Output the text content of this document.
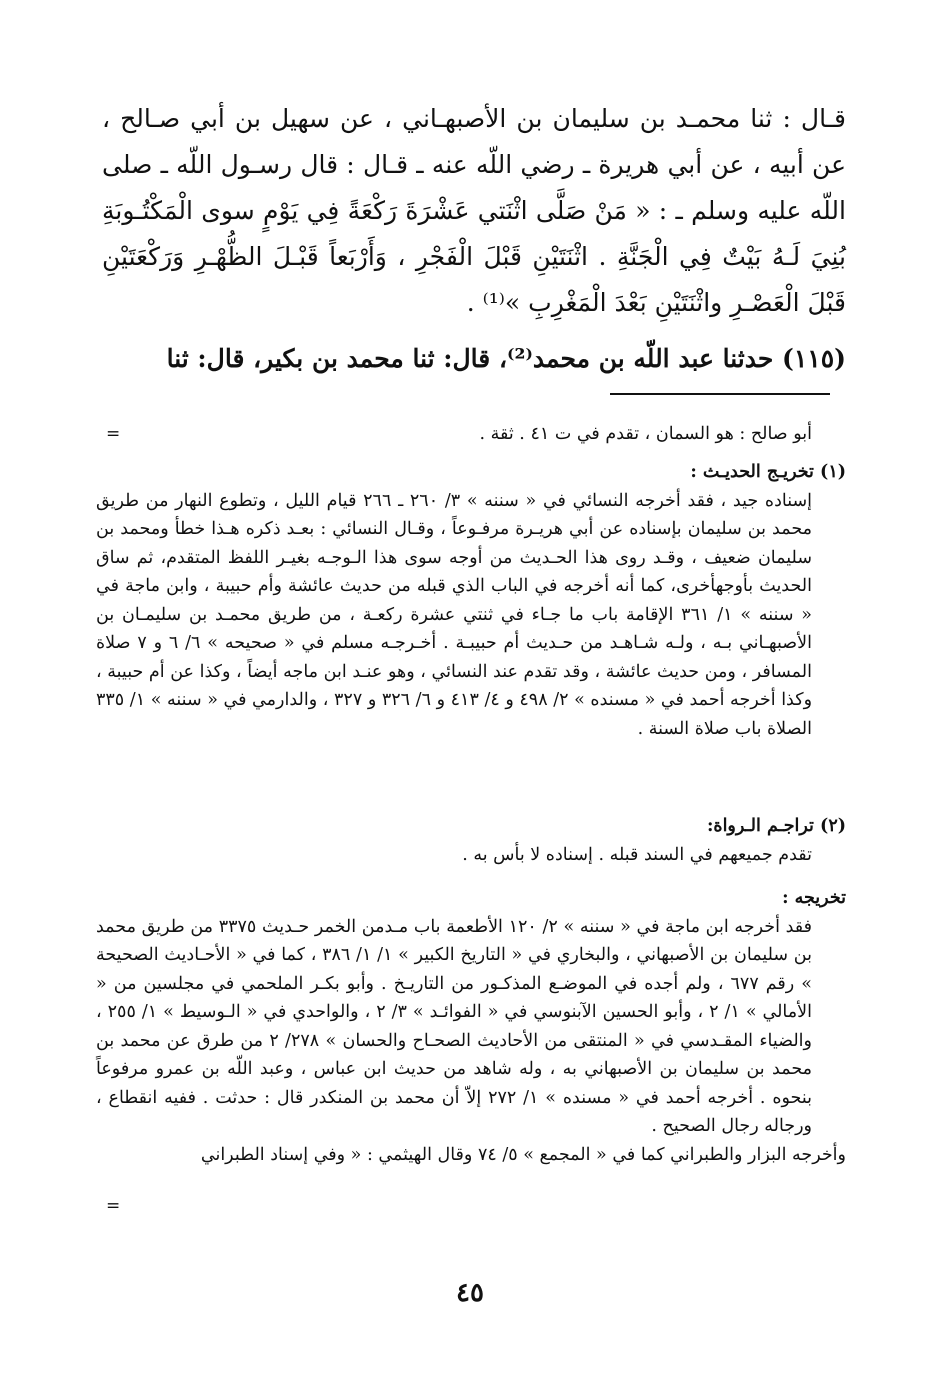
قـال : ثنا محمـد بن سليمان بن الأصبهـاني ، عن سهيل بن أبي صـالح ، عن أبيه ، عن أبي هريرة ـ رضي اللّه عنه ـ قـال : قال رسـول اللّه ـ صلى اللّه عليه وسلم ـ : « مَنْ صَلَّى اثْنَتي عَشْرَةَ رَكْعَةً فِي يَوْمٍ سوى الْمَكْتُـوبَةِ بُنِيَ لَـهُ بَيْتٌ فِي الْجَنَّةِ . اثْنَتَيْنِ قَبْلَ الْفَجْرِ ، وَأَرْبَعاً قَبْـلَ الظُّهْـرِ وَرَكْعَتَيْنِ قَبْلَ الْعَصْـرِ واثْنَتَيْنِ بَعْدَ الْمَغْرِبِ »⁽¹⁾ .

(١١٥) حدثنا عبد اللّه بن محمد⁽²⁾، قال: ثنا محمد بن بكير، قال: ثنا

أبو صالح : هو السمان ، تقدم في ت ٤١ . ثقة .

=

(١) تخريـج الحديـث :

إسناده جيد ، فقد أخرجه النسائي في « سننه » ٣/ ٢٦٠ ـ ٢٦٦ قيام الليل ، وتطوع النهار من طريق محمد بن سليمان بإسناده عن أبي هريـرة مرفـوعاً ، وقـال النسائي : بعـد ذكره هـذا خطأ ومحمد بن سليمان ضعيف ، وقـد روى هذا الحـديث من أوجه سوى هذا الـوجـه بغيـر اللفظ المتقدم، ثم ساق الحديث بأوجهأخرى، كما أنه أخرجه في الباب الذي قبله من حديث عائشة وأم حبيبة ، وابن ماجة في « سننه » ١/ ٣٦١ الإقامة باب ما جـاء في ثنتي عشرة ركعـة ، من طريق محمـد بن سليمـان بن الأصبهـاني بـه ، ولـه شـاهـد من حـديث أم حبيبـة . أخـرجـه مسلم في « صحيحه » ٦/ ٦ و ٧ صلاة المسافر ، ومن حديث عائشة ، وقد تقدم عند النسائي ، وهو عنـد ابن ماجه أيضاً ، وكذا عن أم حبيبة ، وكذا أخرجه أحمد في « مسنده » ٢/ ٤٩٨ و ٤/ ٤١٣ و ٦/ ٣٢٦ و ٣٢٧ ، والدارمي في « سننه » ١/ ٣٣٥ الصلاة باب صلاة السنة .

(٢) تراجـم الـرواة:

تقدم جميعهم في السند قبله . إسناده لا بأس به .

تخريجه :

فقد أخرجه ابن ماجة في « سننه » ٢/ ١٢٠ الأطعمة باب مـدمن الخمر حـديث ٣٣٧٥ من طريق محمد بن سليمان بن الأصبهاني ، والبخاري في « التاريخ الكبير » ١/ ١/ ٣٨٦ ، كما في « الأحـاديث الصحيحة » رقم ٦٧٧ ، ولم أجده في الموضـع المذكـور من التاريـخ . وأبو بكـر الملحمي في مجلسين من « الأمالي » ١/ ٢ ، وأبو الحسين الآبنوسي في « الفوائـد » ٣/ ٢ ، والواحدي في « الـوسيط » ١/ ٢٥٥ ، والضياء المقـدسي في « المنتقى من الأحاديث الصحـاح والحسان » ٢٧٨/ ٢ من طرق عن محمد بن محمد بن سليمان بن الأصبهاني به ، وله شاهد من حديث ابن عباس ، وعبد اللّه بن عمرو مرفوعاً بنحوه . أخرجه أحمد في « مسنده » ١/ ٢٧٢ إلاّ أن محمد بن المنكدر قال : حدثت . ففيه انقطاع ، ورجاله رجال الصحيح .

وأخرجه البزار والطبراني كما في « المجمع » ٥/ ٧٤ وقال الهيثمي : « وفي إسناد الطبراني

=
٤٥
